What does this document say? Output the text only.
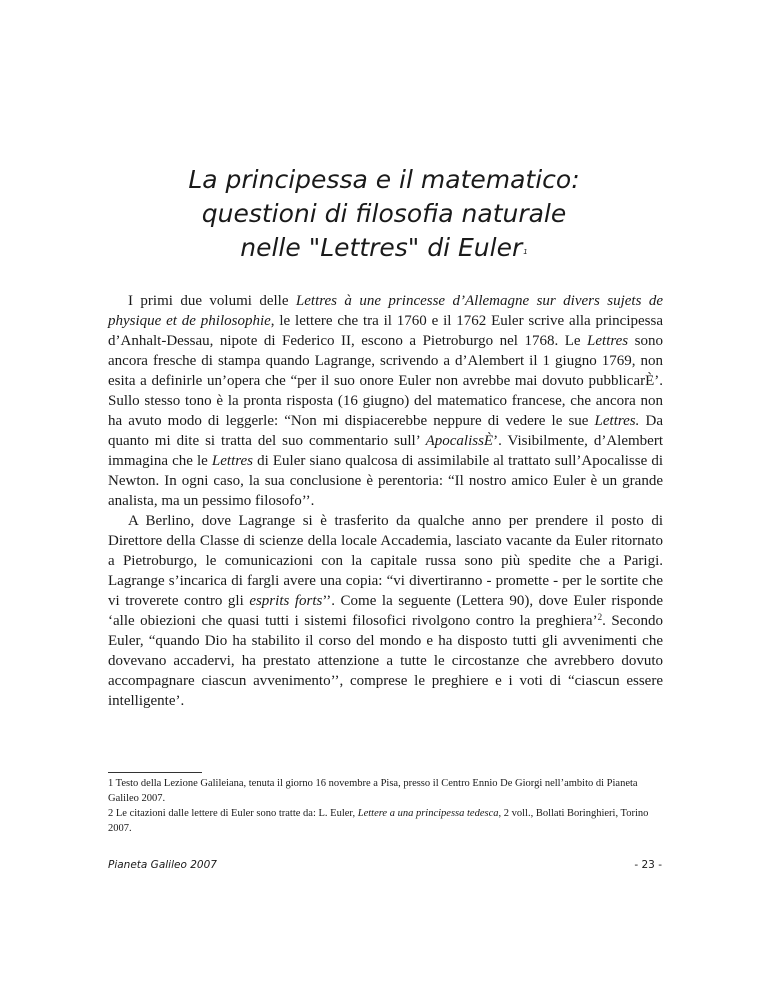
La principessa e il matematico:
questioni di filosofia naturale
nelle "Lettres" di Euler$^1$

I primi due volumi delle Lettres à une princesse d’Allemagne sur divers sujets de physique et de philosophie, le lettere che tra il 1760 e il 1762 Euler scrive alla principessa d’Anhalt-Dessau, nipote di Federico II, escono a Pietroburgo nel 1768. Le Lettres sono ancora fresche di stampa quando Lagrange, scrivendo a d’Alembert il 1 giugno 1769, non esita a definirle un’opera che “per il suo onore Euler non avrebbe mai dovuto pubblicarÈ’. Sullo stesso tono è la pronta risposta (16 giugno) del matematico francese, che ancora non ha avuto modo di leggerle: “Non mi dispiacerebbe neppure di vedere le sue Lettres. Da quanto mi dite si tratta del suo commentario sull’ ApocalissÈ’. Visibilmente, d’Alembert immagina che le Lettres di Euler siano qualcosa di assimilabile al trattato sull’Apocalisse di Newton. In ogni caso, la sua conclusione è perentoria: “Il nostro amico Euler è un grande analista, ma un pessimo filosofo’’.

A Berlino, dove Lagrange si è trasferito da qualche anno per prendere il posto di Direttore della Classe di scienze della locale Accademia, lasciato vacante da Euler ritornato a Pietroburgo, le comunicazioni con la capitale russa sono più spedite che a Parigi. Lagrange s’incarica di fargli avere una copia: “vi divertiranno - promette - per le sortite che vi troverete contro gli esprits forts’’. Come la seguente (Lettera 90), dove Euler risponde ‘alle obiezioni che quasi tutti i sistemi filosofici rivolgono contro la preghiera’$^2$. Secondo Euler, “quando Dio ha stabilito il corso del mondo e ha disposto tutti gli avvenimenti che dovevano accadervi, ha prestato attenzione a tutte le circostanze che avrebbero dovuto accompagnare ciascun avvenimento’’, comprese le preghiere e i voti di “ciascun essere intelligente’.

1 Testo della Lezione Galileiana, tenuta il giorno 16 novembre a Pisa, presso il Centro Ennio De Giorgi nell’ambito di Pianeta Galileo 2007.

2 Le citazioni dalle lettere di Euler sono tratte da: L. Euler, Lettere a una principessa tedesca, 2 voll., Bollati Boringhieri, Torino 2007.

Pianeta Galileo 2007	- 23 -
